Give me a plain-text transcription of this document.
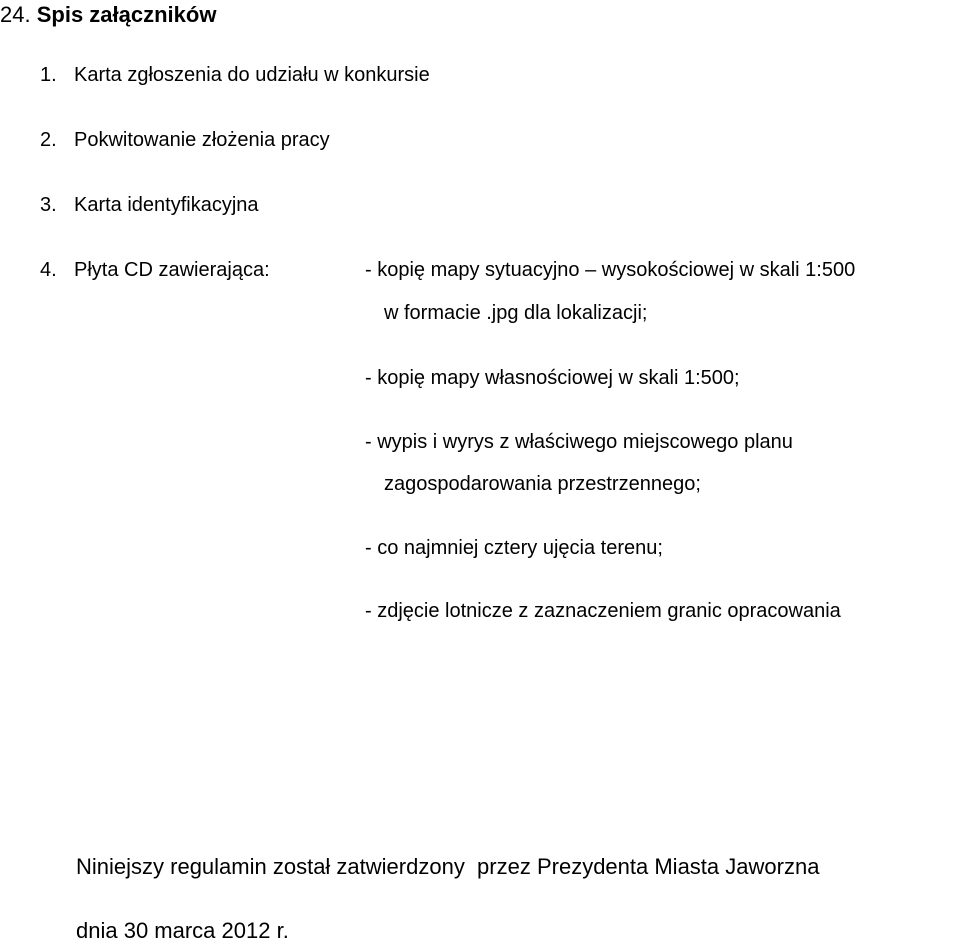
24. Spis załączników
1. Karta zgłoszenia do udziału w konkursie
2. Pokwitowanie złożenia pracy
3. Karta identyfikacyjna
4. Płyta CD zawierająca:	- kopię mapy sytuacyjno – wysokościowej w skali 1:500
w formacie .jpg dla lokalizacji;
- kopię mapy własnościowej w skali 1:500;
- wypis i wyrys z właściwego miejscowego planu
zagospodarowania przestrzennego;
- co najmniej cztery ujęcia terenu;
- zdjęcie lotnicze z zaznaczeniem granic opracowania
Niniejszy regulamin został zatwierdzony  przez Prezydenta Miasta Jaworzna
dnia 30 marca 2012 r.
